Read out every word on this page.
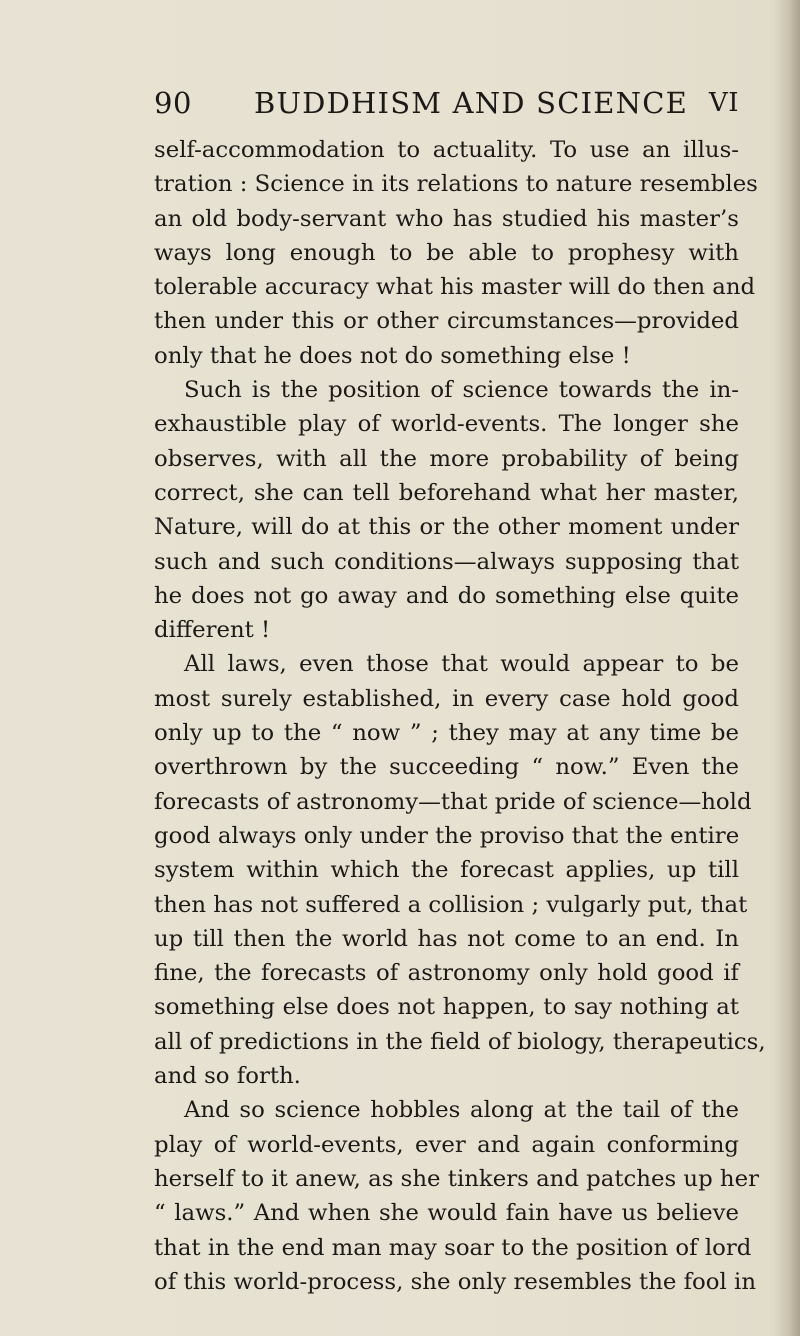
90 BUDDHISM AND SCIENCE VI
self-accommodation to actuality. To use an illus-
tration : Science in its relations to nature resembles
an old body-servant who has studied his master’s
ways long enough to be able to prophesy with
tolerable accuracy what his master will do then and
then under this or other circumstances—provided
only that he does not do something else !
Such is the position of science towards the in-
exhaustible play of world-events. The longer she
observes, with all the more probability of being
correct, she can tell beforehand what her master,
Nature, will do at this or the other moment under
such and such conditions—always supposing that
he does not go away and do something else quite
different !
All laws, even those that would appear to be
most surely established, in every case hold good
only up to the “ now ” ; they may at any time be
overthrown by the succeeding “ now.” Even the
forecasts of astronomy—that pride of science—hold
good always only under the proviso that the entire
system within which the forecast applies, up till
then has not suffered a collision ; vulgarly put, that
up till then the world has not come to an end. In
fine, the forecasts of astronomy only hold good if
something else does not happen, to say nothing at
all of predictions in the field of biology, therapeutics,
and so forth.
And so science hobbles along at the tail of the
play of world-events, ever and again conforming
herself to it anew, as she tinkers and patches up her
“ laws.” And when she would fain have us believe
that in the end man may soar to the position of lord
of this world-process, she only resembles the fool in
